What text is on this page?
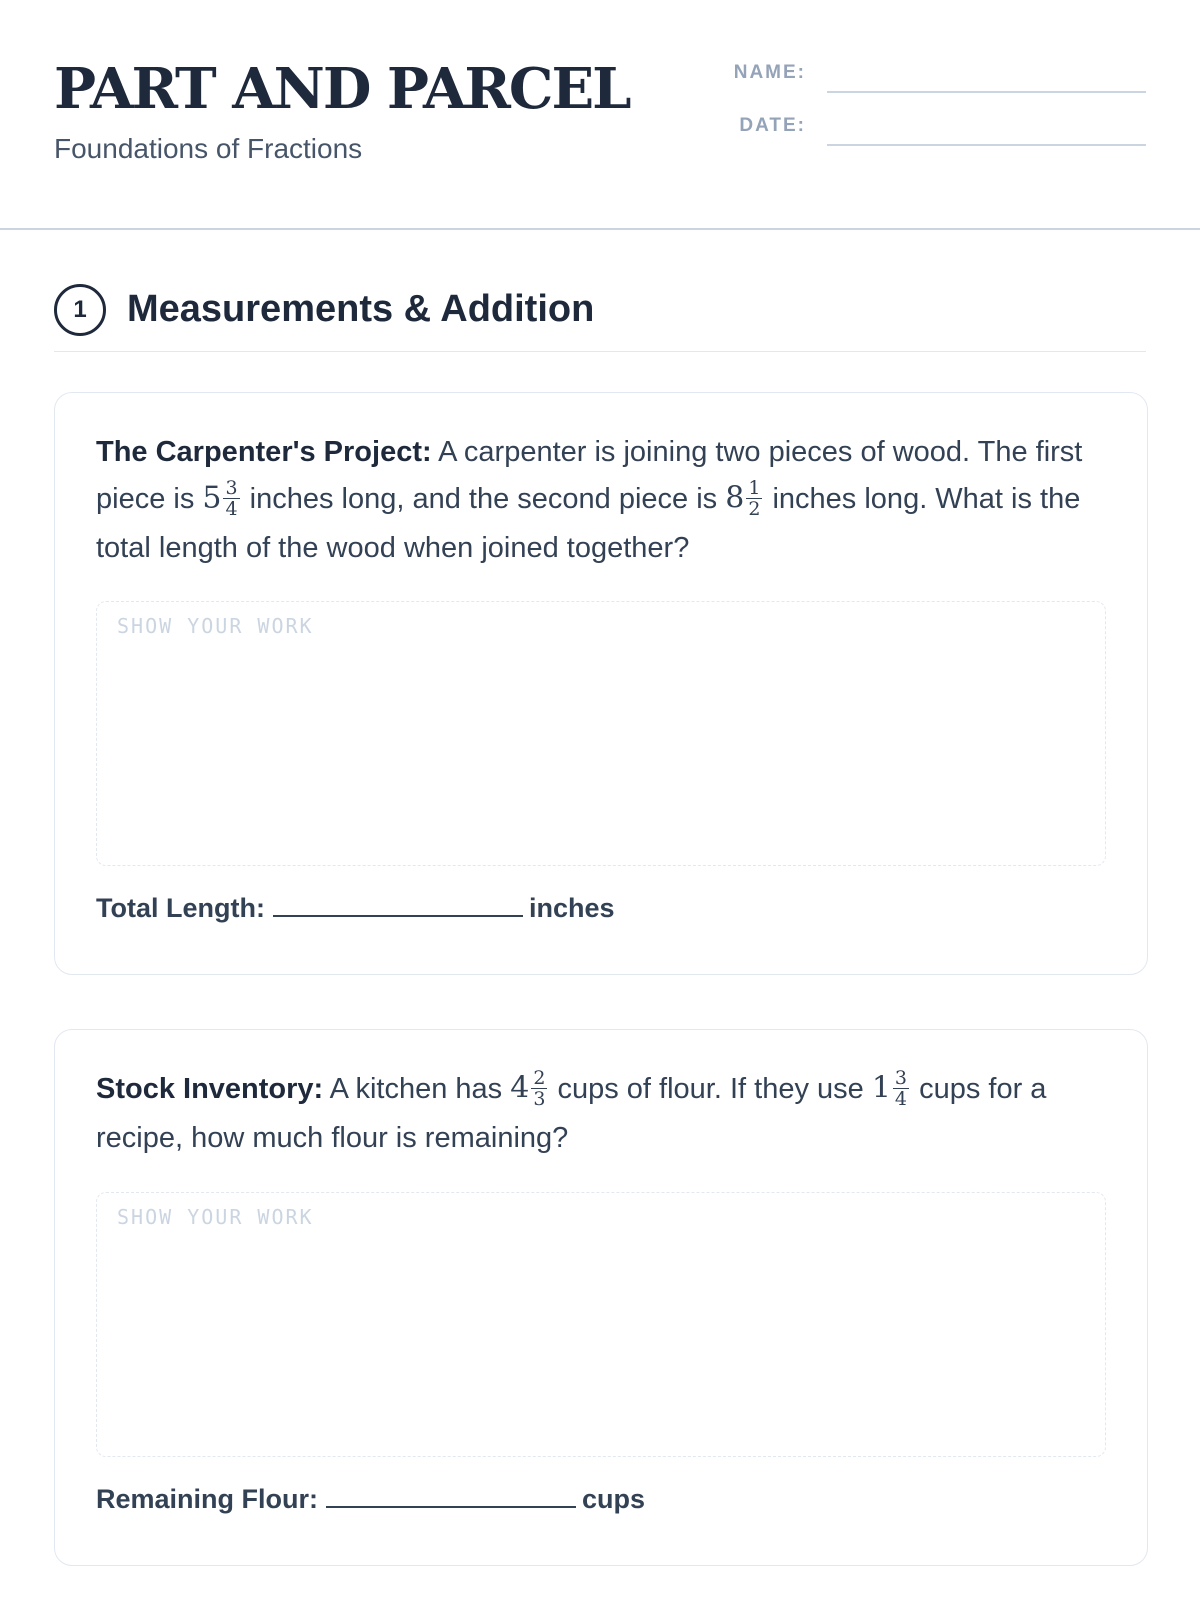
PART AND PARCEL
Foundations of Fractions
NAME:
DATE:
1	Measurements & Addition

The Carpenter's Project: A carpenter is joining two pieces of wood. The first piece is $5 \frac{3}{4}$ inches long, and the second piece is $8 \frac{1}{2}$ inches long. What is the total length of the wood when joined together?

SHOW YOUR WORK
Total Length:	inches

Stock Inventory: A kitchen has $4 \frac{2}{3}$ cups of flour. If they use $1 \frac{3}{4}$ cups for a recipe, how much flour is remaining?

SHOW YOUR WORK
Remaining Flour:	cups
